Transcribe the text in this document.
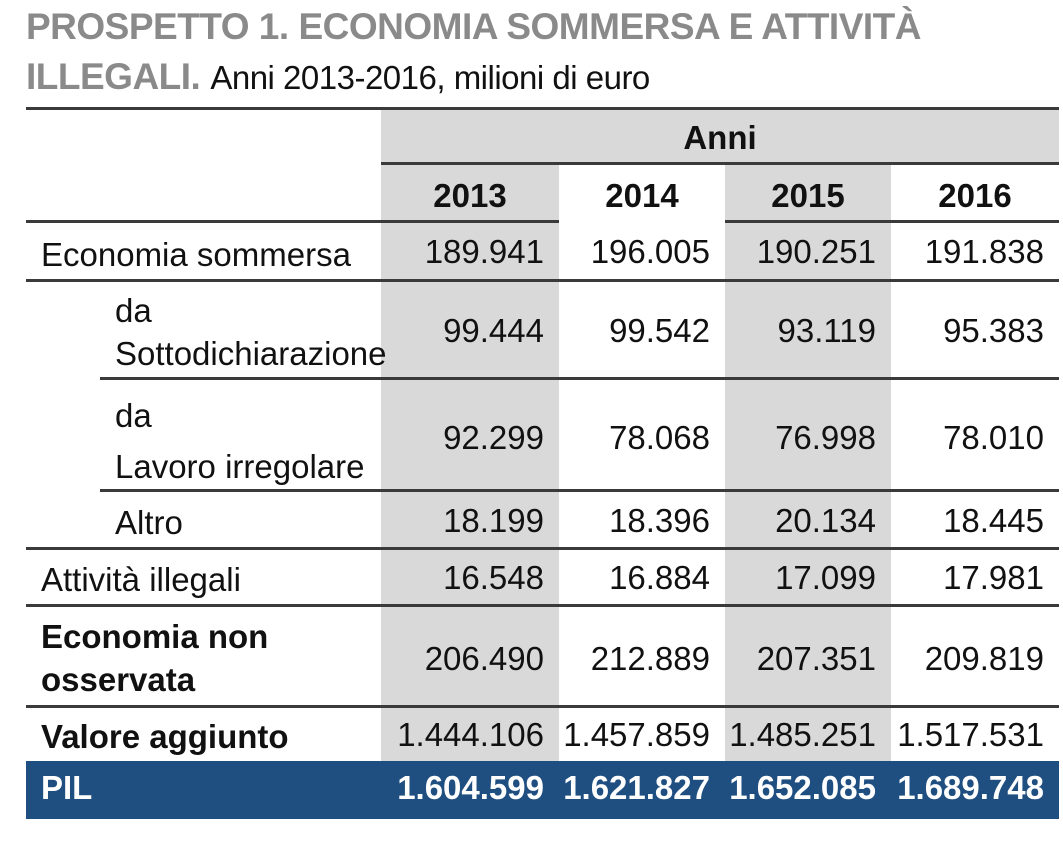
PROSPETTO 1. ECONOMIA SOMMERSA E ATTIVITÀ ILLEGALI. Anni 2013-2016, milioni di euro
Anni
2013	2014	2015	2016
Economia sommersa	189.941	196.005	190.251	191.838
da
Sottodichiarazione
99.444	99.542	93.119	95.383
da
Lavoro irregolare
92.299	78.068	76.998	78.010
Altro	18.199	18.396	20.134	18.445
Attività illegali	16.548	16.884	17.099	17.981
Economia non
osservata
206.490	212.889	207.351	209.819
Valore aggiunto	1.444.106 1.457.859 1.485.251 1.517.531
PIL	1.604.599 1.621.827 1.652.085 1.689.748
